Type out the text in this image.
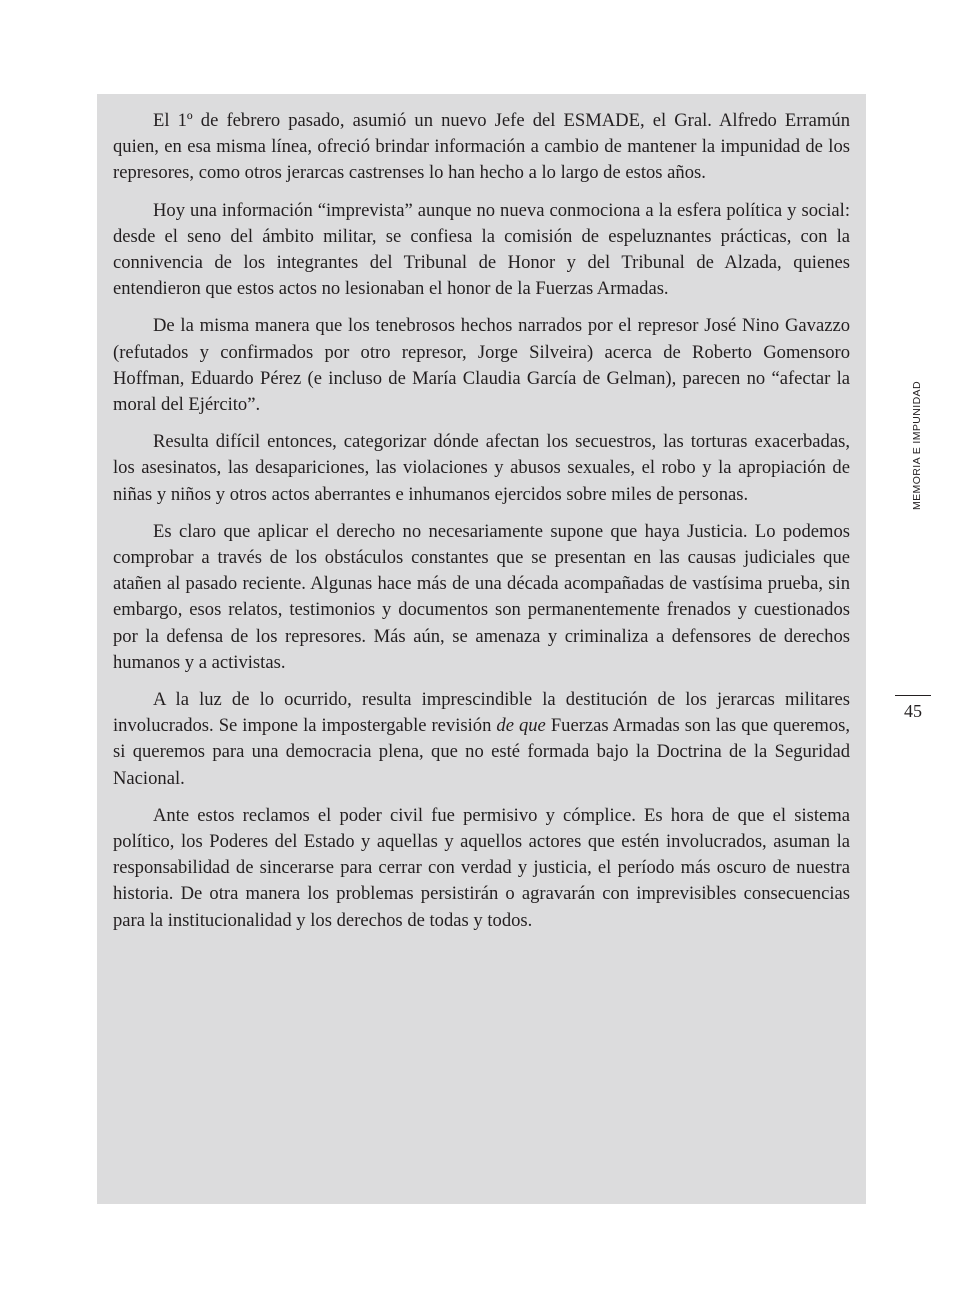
El 1º de febrero pasado, asumió un nuevo Jefe del ESMADE, el Gral. Alfredo Erramún quien, en esa misma línea, ofreció brindar información a cambio de mantener la impunidad de los represores, como otros jerarcas castrenses lo han hecho a lo largo de estos años.

Hoy una información “imprevista” aunque no nueva conmociona a la esfera política y social: desde el seno del ámbito militar, se confiesa la comisión de espeluznantes prácticas, con la connivencia de los integrantes del Tribunal de Honor y del Tribunal de Alzada, quienes entendieron que estos actos no lesionaban el honor de la Fuerzas Armadas.

De la misma manera que los tenebrosos hechos narrados por el represor José Nino Gavazzo (refutados y confirmados por otro represor, Jorge Silveira) acerca de Roberto Gomensoro Hoffman, Eduardo Pérez (e incluso de María Claudia García de Gelman), parecen no “afectar la moral del Ejército”.

Resulta difícil entonces, categorizar dónde afectan los secuestros, las torturas exacerbadas, los asesinatos, las desapariciones, las violaciones y abusos sexuales, el robo y la apropiación de niñas y niños y otros actos aberrantes e inhumanos ejercidos sobre miles de personas.

Es claro que aplicar el derecho no necesariamente supone que haya Justicia. Lo podemos comprobar a través de los obstáculos constantes que se presentan en las causas judiciales que atañen al pasado reciente. Algunas hace más de una década acompañadas de vastísima prueba, sin embargo, esos relatos, testimonios y documentos son permanentemente frenados y cuestionados por la defensa de los represores. Más aún, se amenaza y criminaliza a defensores de derechos humanos y a activistas.

A la luz de lo ocurrido, resulta imprescindible la destitución de los jerarcas militares involucrados. Se impone la impostergable revisión de que Fuerzas Armadas son las que queremos, si queremos para una democracia plena, que no esté formada bajo la Doctrina de la Seguridad Nacional.

Ante estos reclamos el poder civil fue permisivo y cómplice. Es hora de que el sistema político, los Poderes del Estado y aquellas y aquellos actores que estén involucrados, asuman la responsabilidad de sincerarse para cerrar con verdad y justicia, el período más oscuro de nuestra historia. De otra manera los problemas persistirán o agravarán con imprevisibles consecuencias para la institucionalidad y los derechos de todas y todos.

MEMORIA E IMPUNIDAD
45
